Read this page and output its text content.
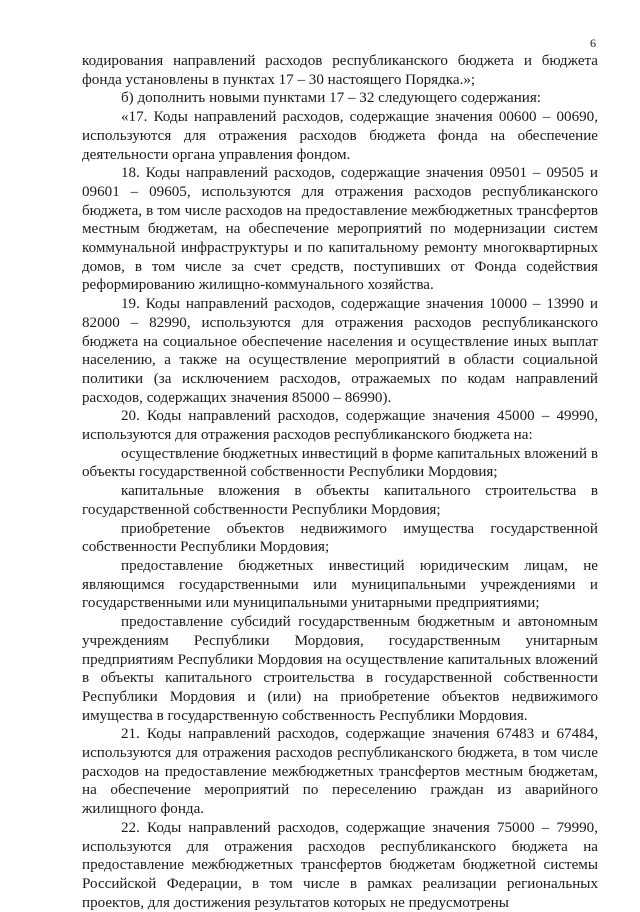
6

кодирования направлений расходов республиканского бюджета и бюджета фонда установлены в пунктах 17 – 30 настоящего Порядка.»;

б) дополнить новыми пунктами 17 – 32 следующего содержания:

«17. Коды направлений расходов, содержащие значения 00600 – 00690, используются для отражения расходов бюджета фонда на обеспечение деятельности органа управления фондом.

18. Коды направлений расходов, содержащие значения 09501 – 09505 и 09601 – 09605, используются для отражения расходов республиканского бюджета, в том числе расходов на предоставление межбюджетных трансфертов местным бюджетам, на обеспечение мероприятий по модернизации систем коммунальной инфраструктуры и по капитальному ремонту многоквартирных домов, в том числе за счет средств, поступивших от Фонда содействия реформированию жилищно-коммунального хозяйства.

19. Коды направлений расходов, содержащие значения 10000 – 13990 и 82000 – 82990, используются для отражения расходов республиканского бюджета на социальное обеспечение населения и осуществление иных выплат населению, а также на осуществление мероприятий в области социальной политики (за исключением расходов, отражаемых по кодам направлений расходов, содержащих значения 85000 – 86990).

20. Коды направлений расходов, содержащие значения 45000 – 49990, используются для отражения расходов республиканского бюджета на:

осуществление бюджетных инвестиций в форме капитальных вложений в объекты государственной собственности Республики Мордовия;

капитальные вложения в объекты капитального строительства в государственной собственности Республики Мордовия;

приобретение объектов недвижимого имущества государственной собственности Республики Мордовия;

предоставление бюджетных инвестиций юридическим лицам, не являющимся государственными или муниципальными учреждениями и государственными или муниципальными унитарными предприятиями;

предоставление субсидий государственным бюджетным и автономным учреждениям Республики Мордовия, государственным унитарным предприятиям Республики Мордовия на осуществление капитальных вложений в объекты капитального строительства в государственной собственности Республики Мордовия и (или) на приобретение объектов недвижимого имущества в государственную собственность Республики Мордовия.

21. Коды направлений расходов, содержащие значения 67483 и 67484, используются для отражения расходов республиканского бюджета, в том числе расходов на предоставление межбюджетных трансфертов местным бюджетам, на обеспечение мероприятий по переселению граждан из аварийного жилищного фонда.

22. Коды направлений расходов, содержащие значения 75000 – 79990, используются для отражения расходов республиканского бюджета на предоставление межбюджетных трансфертов бюджетам бюджетной системы Российской Федерации, в том числе в рамках реализации региональных проектов, для достижения результатов которых не предусмотрены
